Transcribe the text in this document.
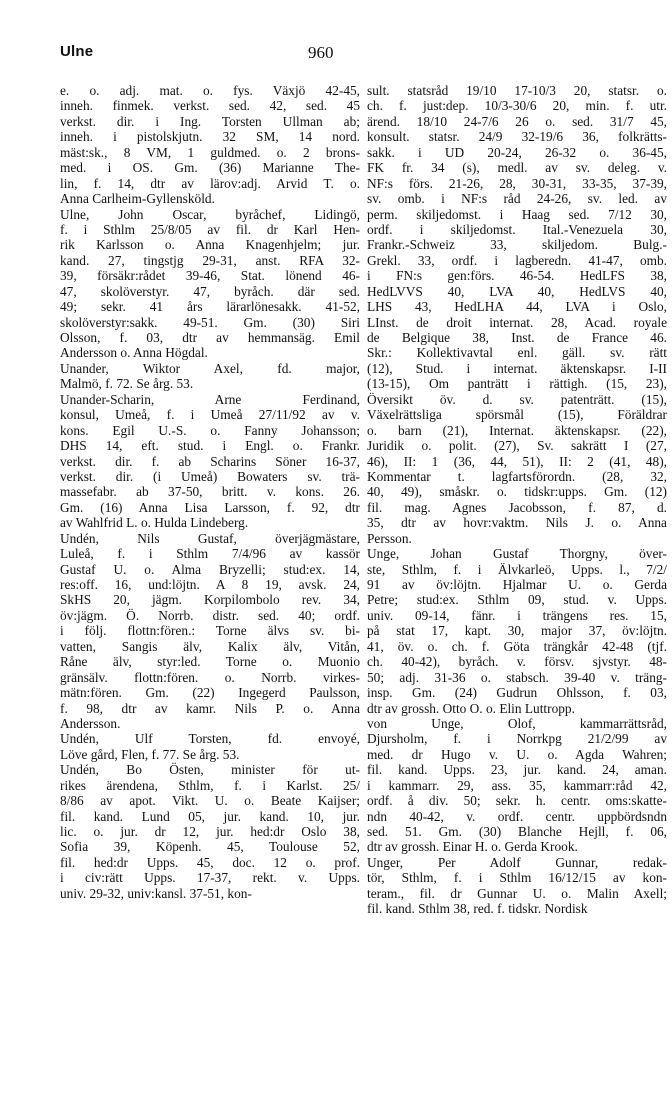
Ulne	960
e. o. adj. mat. o. fys. Växjö 42-45,
inneh. finmek. verkst. sed. 42, sed. 45
verkst. dir. i Ing. Torsten Ullman ab;
inneh. i pistolskjutn. 32 SM, 14 nord.
mäst:sk., 8 VM, 1 guldmed. o. 2 brons-
med. i OS. Gm. (36) Marianne The-
lin, f. 14, dtr av lärov:adj. Arvid T. o.
Anna Carlheim-Gyllensköld.
Ulne, John Oscar, byråchef, Lidingö,
f. i Sthlm 25/8/05 av fil. dr Karl Hen-
rik Karlsson o. Anna Knagenhjelm; jur.
kand. 27, tingstjg 29-31, anst. RFA 32-
39, försäkr:rådet 39-46, Stat. lönend 46-
47, skolöverstyr. 47, byråch. där sed.
49; sekr. 41 års lärarlönesakk. 41-52,
skolöverstyr:sakk. 49-51. Gm. (30) Siri
Olsson, f. 03, dtr av hemmansäg. Emil
Andersson o. Anna Högdal.
Unander, Wiktor Axel, fd. major,
Malmö, f. 72. Se årg. 53.
Unander-Scharin, Arne Ferdinand,
konsul, Umeå, f. i Umeå 27/11/92 av v.
kons. Egil U.-S. o. Fanny Johansson;
DHS 14, eft. stud. i Engl. o. Frankr.
verkst. dir. f. ab Scharins Söner 16-37,
verkst. dir. (i Umeå) Bowaters sv. trä-
massefabr. ab 37-50, britt. v. kons. 26.
Gm. (16) Anna Lisa Larsson, f. 92, dtr
av Wahlfrid L. o. Hulda Lindeberg.
Undén, Nils Gustaf, överjägmästare,
Luleå, f. i Sthlm 7/4/96 av kassör
Gustaf U. o. Alma Bryzelli; stud:ex. 14,
res:off. 16, und:löjtn. A 8 19, avsk. 24,
SkHS 20, jägm. Korpilombolo rev. 34,
öv:jägm. Ö. Norrb. distr. sed. 40; ordf.
i följ. flottn:fören.: Torne älvs sv. bi-
vatten, Sangis älv, Kalix älv, Vitån,
Råne älv, styr:led. Torne o. Muonio
gränsälv. flottn:fören. o. Norrb. virkes-
mätn:fören. Gm. (22) Ingegerd Paulsson,
f. 98, dtr av kamr. Nils P. o. Anna
Andersson.
Undén, Ulf Torsten, fd. envoyé,
Löve gård, Flen, f. 77. Se årg. 53.
Undén, Bo Östen, minister för ut-
rikes ärendena, Sthlm, f. i Karlst. 25/
8/86 av apot. Vikt. U. o. Beate Kaijser;
fil. kand. Lund 05, jur. kand. 10, jur.
lic. o. jur. dr 12, jur. hed:dr Oslo 38,
Sofia 39, Köpenh. 45, Toulouse 52,
fil. hed:dr Upps. 45, doc. 12 o. prof.
i civ:rätt Upps. 17-37, rekt. v. Upps.
univ. 29-32, univ:kansl. 37-51, kon-
sult. statsråd 19/10 17-10/3 20, statsr. o.
ch. f. just:dep. 10/3-30/6 20, min. f. utr.
ärend. 18/10 24-7/6 26 o. sed. 31/7 45,
konsult. statsr. 24/9 32-19/6 36, folkrätts-
sakk. i UD 20-24, 26-32 o. 36-45,
FK fr. 34 (s), medl. av sv. deleg. v.
NF:s förs. 21-26, 28, 30-31, 33-35, 37-39,
sv. omb. i NF:s råd 24-26, sv. led. av
perm. skiljedomst. i Haag sed. 7/12 30,
ordf. i skiljedomst. Ital.-Venezuela 30,
Frankr.-Schweiz 33, skiljedom. Bulg.-
Grekl. 33, ordf. i lagberedn. 41-47, omb.
i FN:s gen:förs. 46-54. HedLFS 38,
HedLVVS 40, LVA 40, HedLVS 40,
LHS 43, HedLHA 44, LVA i Oslo,
LInst. de droit internat. 28, Acad. royale
de Belgique 38, Inst. de France 46.
Skr.: Kollektivavtal enl. gäll. sv. rätt
(12), Stud. i internat. äktenskapsr. I-II
(13-15), Om panträtt i rättigh. (15, 23),
Översikt öv. d. sv. patenträtt. (15),
Växelrättsliga spörsmål (15), Föräldrar
o. barn (21), Internat. äktenskapsr. (22),
Juridik o. polit. (27), Sv. sakrätt I (27,
46), II: 1 (36, 44, 51), II: 2 (41, 48),
Kommentar t. lagfartsförordn. (28, 32,
40, 49), småskr. o. tidskr:upps. Gm. (12)
fil. mag. Agnes Jacobsson, f. 87, d.
35, dtr av hovr:vaktm. Nils J. o. Anna
Persson.
Unge, Johan Gustaf Thorgny, över-
ste, Sthlm, f. i Älvkarleö, Upps. l., 7/2/
91 av öv:löjtn. Hjalmar U. o. Gerda
Petre; stud:ex. Sthlm 09, stud. v. Upps.
univ. 09-14, fänr. i trängens res. 15,
på stat 17, kapt. 30, major 37, öv:löjtn.
41, öv. o. ch. f. Göta trängkår 42-48 (tjf.
ch. 40-42), byråch. v. försv. sjvstyr. 48-
50; adj. 31-36 o. stabsch. 39-40 v. träng-
insp. Gm. (24) Gudrun Ohlsson, f. 03,
dtr av grossh. Otto O. o. Elin Luttropp.
von Unge, Olof, kammarrättsråd,
Djursholm, f. i Norrkpg 21/2/99 av
med. dr Hugo v. U. o. Agda Wahren;
fil. kand. Upps. 23, jur. kand. 24, aman.
i kammarr. 29, ass. 35, kammarr:råd 42,
ordf. å div. 50; sekr. h. centr. oms:skatte-
ndn 40-42, v. ordf. centr. uppbördsndn
sed. 51. Gm. (30) Blanche Hejll, f. 06,
dtr av grossh. Einar H. o. Gerda Krook.
Unger, Per Adolf Gunnar, redak-
tör, Sthlm, f. i Sthlm 16/12/15 av kon-
teram., fil. dr Gunnar U. o. Malin Axell;
fil. kand. Sthlm 38, red. f. tidskr. Nordisk
